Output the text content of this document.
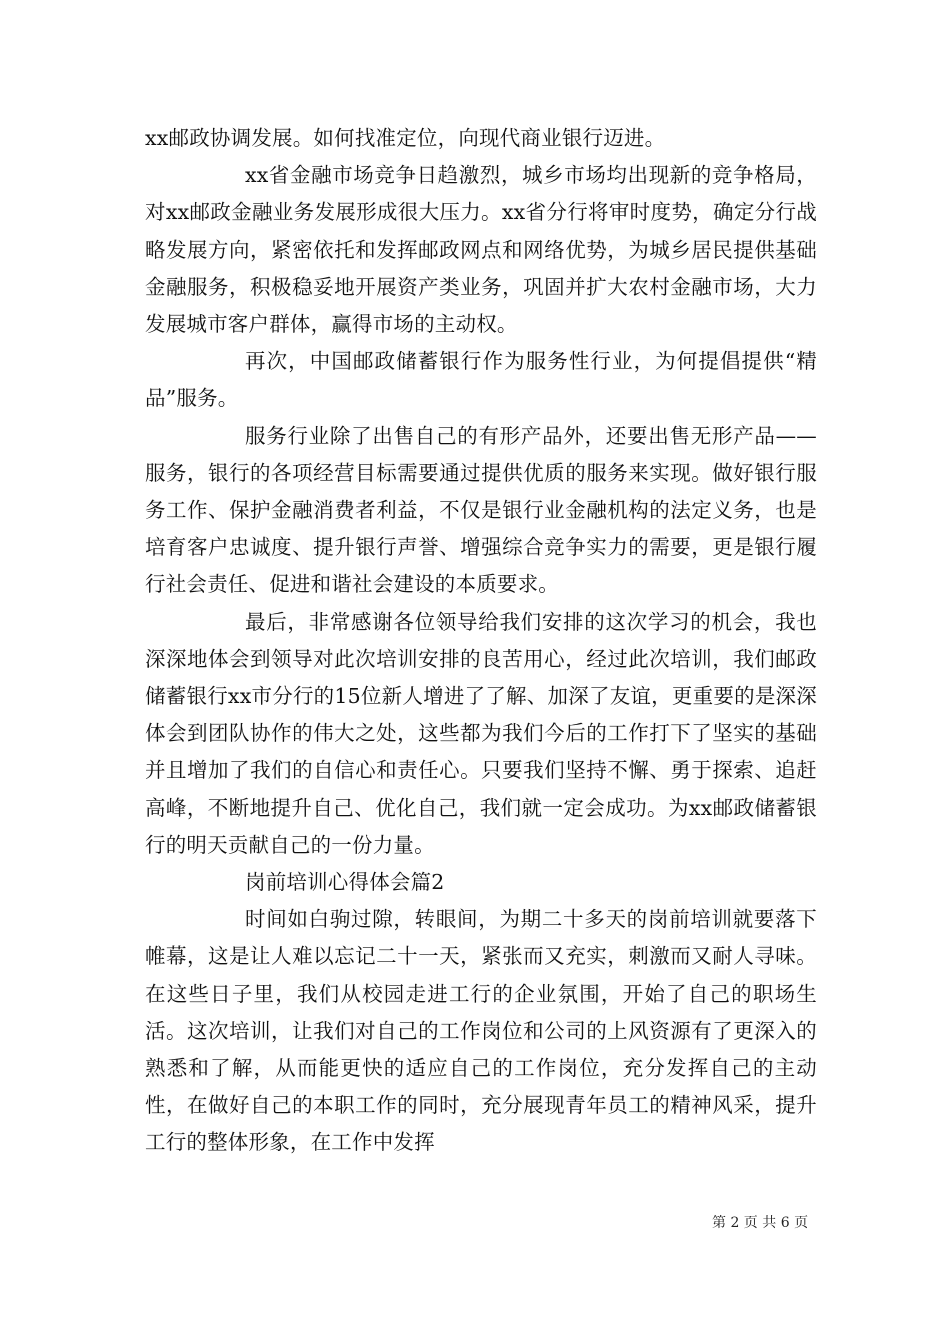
xx邮政协调发展。如何找准定位，向现代商业银行迈进。

xx省金融市场竞争日趋激烈，城乡市场均出现新的竞争格局，对xx邮政金融业务发展形成很大压力。xx省分行将审时度势，确定分行战略发展方向，紧密依托和发挥邮政网点和网络优势，为城乡居民提供基础金融服务，积极稳妥地开展资产类业务，巩固并扩大农村金融市场，大力发展城市客户群体，赢得市场的主动权。

再次，中国邮政储蓄银行作为服务性行业，为何提倡提供“精品”服务。

服务行业除了出售自己的有形产品外，还要出售无形产品——服务，银行的各项经营目标需要通过提供优质的服务来实现。做好银行服务工作、保护金融消费者利益，不仅是银行业金融机构的法定义务，也是培育客户忠诚度、提升银行声誉、增强综合竞争实力的需要，更是银行履行社会责任、促进和谐社会建设的本质要求。

最后，非常感谢各位领导给我们安排的这次学习的机会，我也深深地体会到领导对此次培训安排的良苦用心，经过此次培训，我们邮政储蓄银行xx市分行的15位新人增进了了解、加深了友谊，更重要的是深深体会到团队协作的伟大之处，这些都为我们今后的工作打下了坚实的基础并且增加了我们的自信心和责任心。只要我们坚持不懈、勇于探索、追赶高峰，不断地提升自己、优化自己，我们就一定会成功。为xx邮政储蓄银行的明天贡献自己的一份力量。

岗前培训心得体会篇2

时间如白驹过隙，转眼间，为期二十多天的岗前培训就要落下帷幕，这是让人难以忘记二十一天，紧张而又充实，刺激而又耐人寻味。在这些日子里，我们从校园走进工行的企业氛围，开始了自己的职场生活。这次培训，让我们对自己的工作岗位和公司的上风资源有了更深入的熟悉和了解，从而能更快的适应自己的工作岗位，充分发挥自己的主动性，在做好自己的本职工作的同时，充分展现青年员工的精神风采，提升工行的整体形象，在工作中发挥

第 2 页 共 6 页
